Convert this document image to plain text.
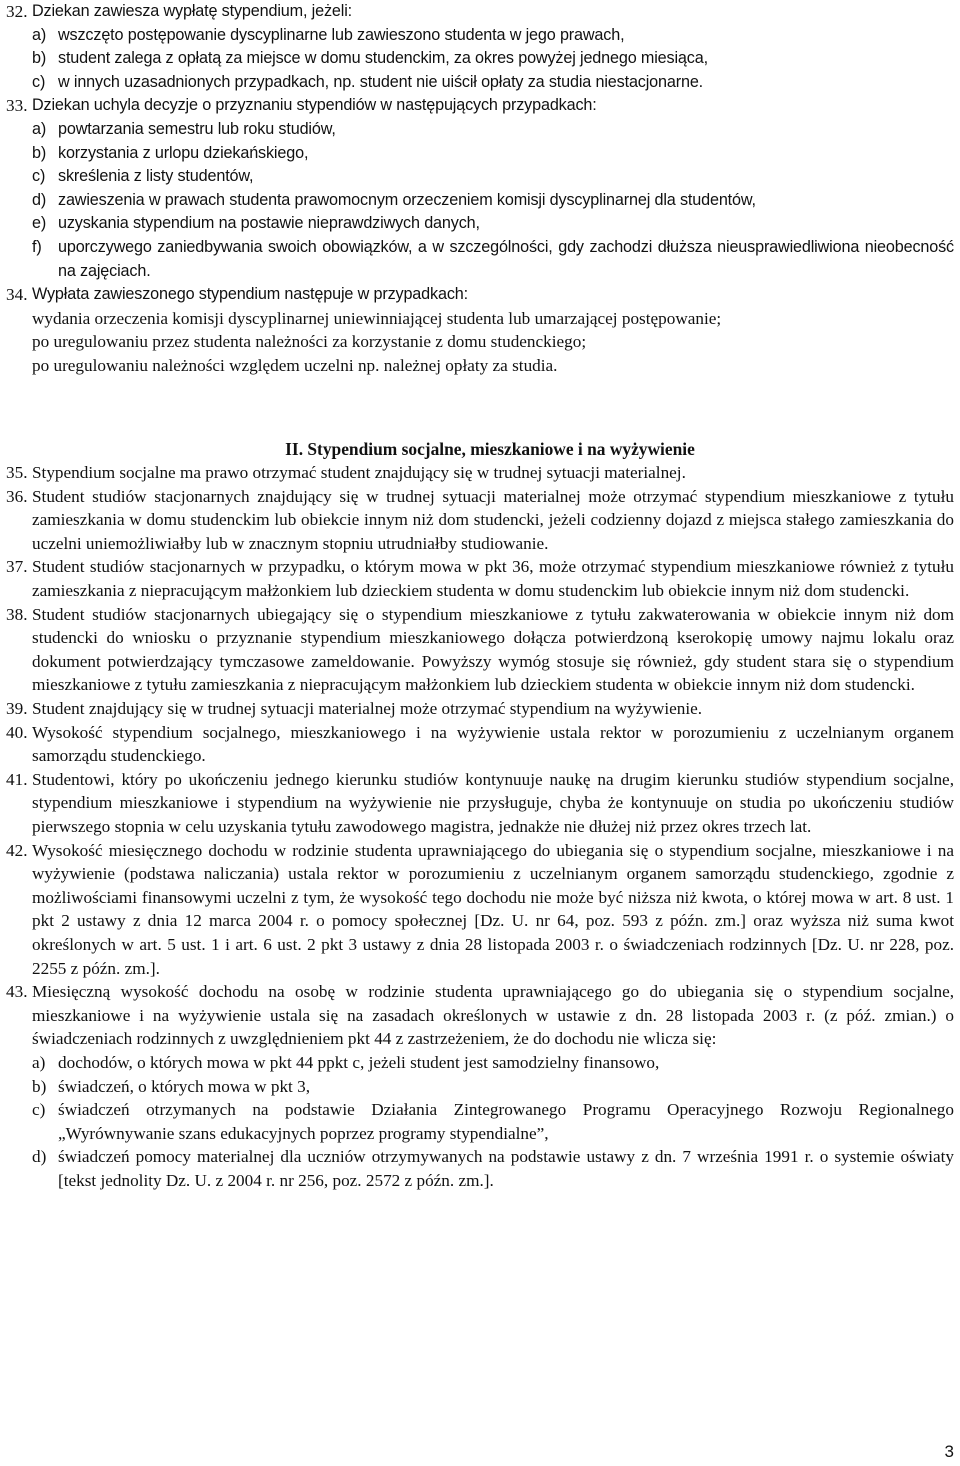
32. Dziekan zawiesza wypłatę stypendium, jeżeli:
a) wszczęto postępowanie dyscyplinarne lub zawieszono studenta w jego prawach,
b) student zalega z opłatą za miejsce w domu studenckim, za okres powyżej jednego miesiąca,
c) w innych uzasadnionych przypadkach, np. student nie uiścił opłaty za studia niestacjonarne.
33. Dziekan uchyla decyzje o przyznaniu stypendiów w następujących przypadkach:
a) powtarzania semestru lub roku studiów,
b) korzystania z urlopu dziekańskiego,
c) skreślenia z listy studentów,
d) zawieszenia w prawach studenta prawomocnym orzeczeniem komisji dyscyplinarnej dla studentów,
e) uzyskania stypendium na postawie nieprawdziwych danych,
f)	uporczywego zaniedbywania swoich obowiązków, a w szczególności, gdy zachodzi dłuższa nieusprawiedliwiona nieobecność na zajęciach.
34. Wypłata zawieszonego stypendium następuje w przypadkach:
wydania orzeczenia komisji dyscyplinarnej uniewinniającej studenta lub umarzającej postępowanie;
po uregulowaniu przez studenta należności za korzystanie z domu studenckiego;
po uregulowaniu należności względem uczelni np. należnej opłaty za studia.
II. Stypendium socjalne, mieszkaniowe i na wyżywienie
35. Stypendium socjalne ma prawo otrzymać student znajdujący się w trudnej sytuacji materialnej.
36. Student studiów stacjonarnych znajdujący się w trudnej sytuacji materialnej może otrzymać stypendium mieszkaniowe z tytułu zamieszkania w domu studenckim lub obiekcie innym niż dom studencki, jeżeli codzienny dojazd z miejsca stałego zamieszkania do uczelni uniemożliwiałby lub w znacznym stopniu utrudniałby studiowanie.
37. Student studiów stacjonarnych w przypadku, o którym mowa w pkt 36, może otrzymać stypendium mieszkaniowe również z tytułu zamieszkania z niepracującym małżonkiem lub dzieckiem studenta w domu studenckim lub obiekcie innym niż dom studencki.
38. Student studiów stacjonarnych ubiegający się o stypendium mieszkaniowe z tytułu zakwaterowania w obiekcie innym niż dom studencki do wniosku o przyznanie stypendium mieszkaniowego dołącza potwierdzoną kserokopię umowy najmu lokalu oraz dokument potwierdzający tymczasowe zameldowanie. Powyższy wymóg stosuje się również, gdy student stara się o stypendium mieszkaniowe z tytułu zamieszkania z niepracującym małżonkiem lub dzieckiem studenta w obiekcie innym niż dom studencki.
39. Student znajdujący się w trudnej sytuacji materialnej może otrzymać stypendium na wyżywienie.
40. Wysokość stypendium socjalnego, mieszkaniowego i na wyżywienie ustala rektor w porozumieniu z uczelnianym organem samorządu studenckiego.
41. Studentowi, który po ukończeniu jednego kierunku studiów kontynuuje naukę na drugim kierunku studiów stypendium socjalne, stypendium mieszkaniowe i stypendium na wyżywienie nie przysługuje, chyba że kontynuuje on studia po ukończeniu studiów pierwszego stopnia w celu uzyskania tytułu zawodowego magistra, jednakże nie dłużej niż przez okres trzech lat.
42. Wysokość miesięcznego dochodu w rodzinie studenta uprawniającego do ubiegania się o stypendium socjalne, mieszkaniowe i na wyżywienie (podstawa naliczania) ustala rektor w porozumieniu z uczelnianym organem samorządu studenckiego, zgodnie z możliwościami finansowymi uczelni z tym, że wysokość tego dochodu nie może być niższa niż kwota, o której mowa w art. 8 ust. 1 pkt 2 ustawy z dnia 12 marca 2004 r. o pomocy społecznej [Dz. U. nr 64, poz. 593 z późn. zm.] oraz wyższa niż suma kwot określonych w art. 5 ust. 1 i art. 6 ust. 2 pkt 3 ustawy z dnia 28 listopada 2003 r. o świadczeniach rodzinnych [Dz. U. nr 228, poz. 2255 z późn. zm.].
43. Miesięczną wysokość dochodu na osobę w rodzinie studenta uprawniającego go do ubiegania się o stypendium socjalne, mieszkaniowe i na wyżywienie ustala się na zasadach określonych w ustawie z dn. 28 listopada 2003 r. (z póź. zmian.) o świadczeniach rodzinnych z uwzględnieniem pkt 44 z zastrzeżeniem, że do dochodu nie wlicza się:
a) dochodów, o których mowa w pkt 44 ppkt c, jeżeli student jest samodzielny finansowo,
b) świadczeń, o których mowa w pkt 3,
c) świadczeń otrzymanych na podstawie Działania Zintegrowanego Programu Operacyjnego Rozwoju Regionalnego „Wyrównywanie szans edukacyjnych poprzez programy stypendialne”,
d) świadczeń pomocy materialnej dla uczniów otrzymywanych na podstawie ustawy z dn. 7 września 1991 r. o systemie oświaty [tekst jednolity Dz. U. z 2004 r. nr 256, poz. 2572 z późn. zm.].
3
